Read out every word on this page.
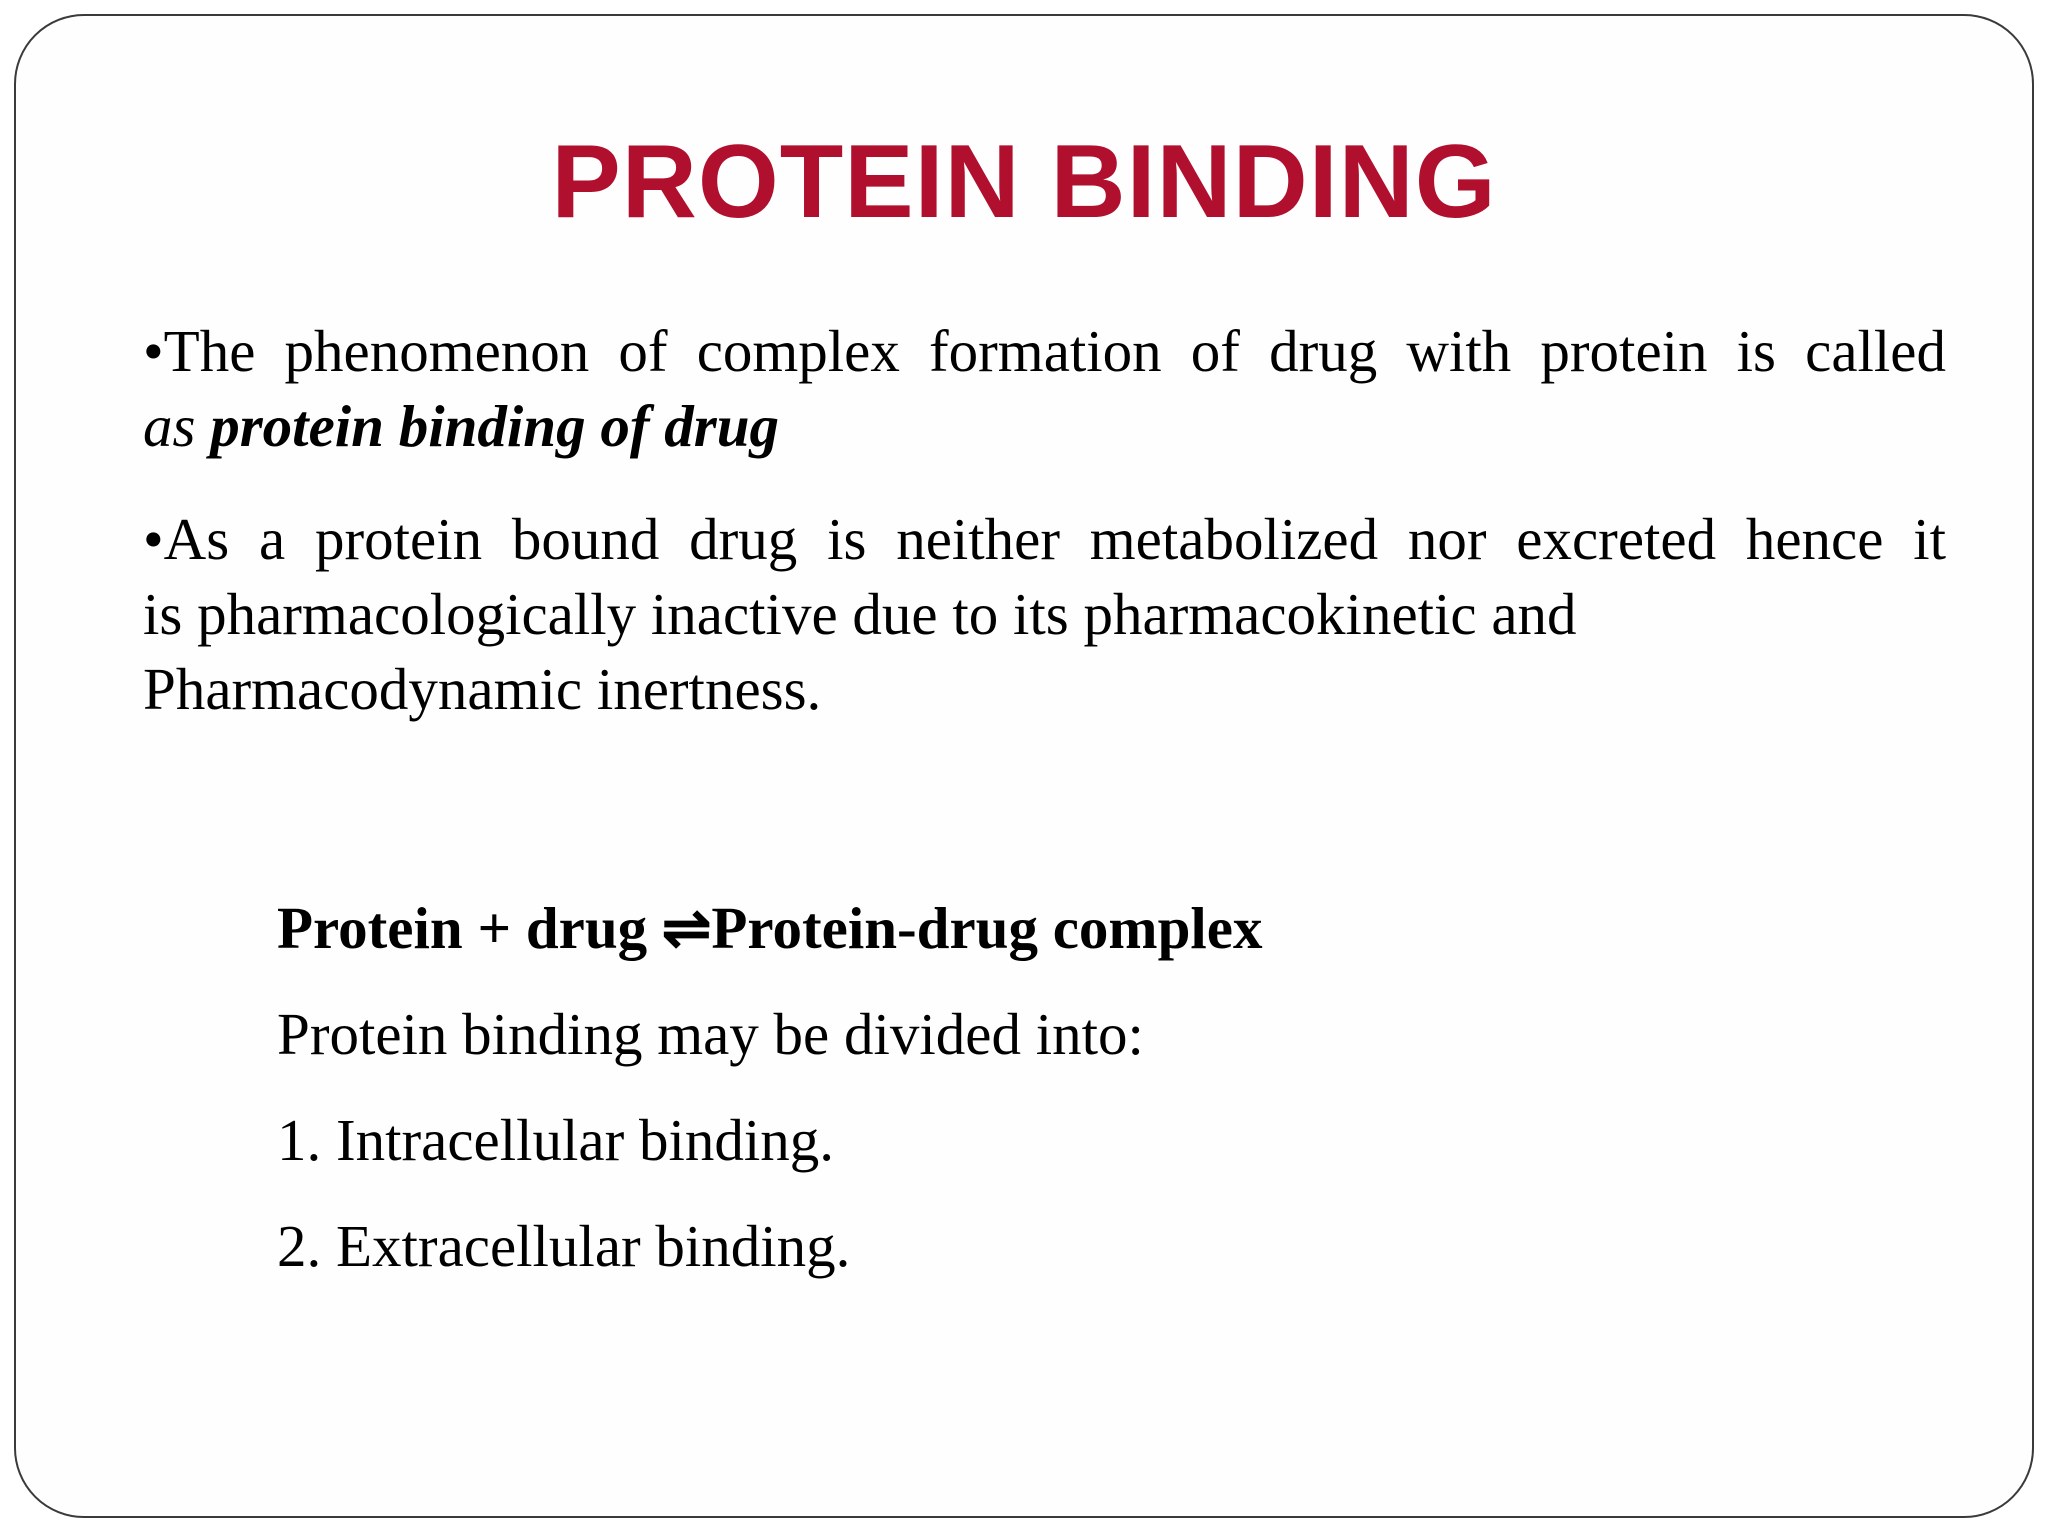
PROTEIN BINDING
•The phenomenon of complex formation of drug with protein is called
as protein binding of drug
•As a protein bound drug is neither metabolized nor excreted hence it
is pharmacologically inactive due to its pharmacokinetic and
Pharmacodynamic inertness.
Protein + drug ⇌Protein-drug complex
Protein binding may be divided into:
1. Intracellular binding.
2. Extracellular binding.
